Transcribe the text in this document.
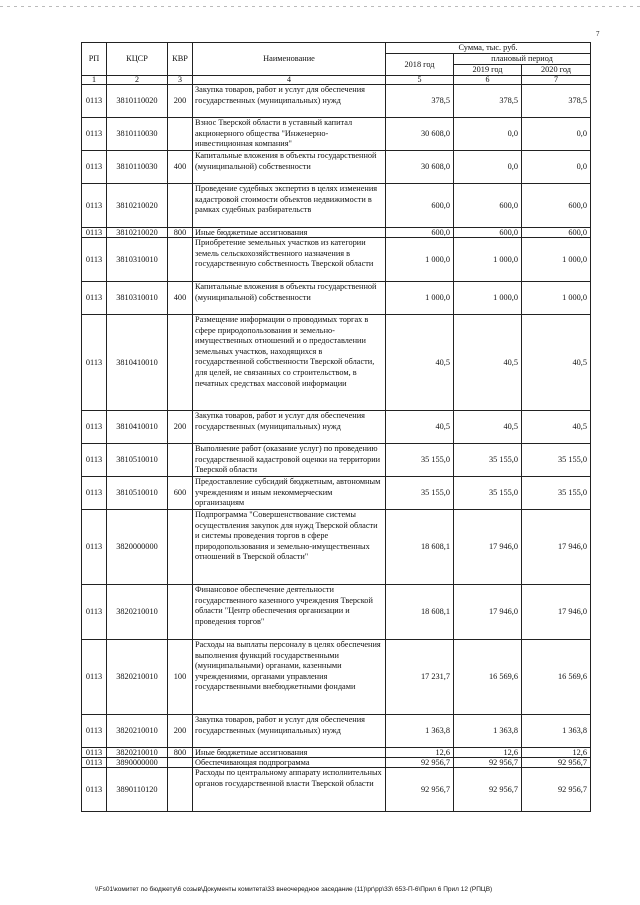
7
РП	КЦСР	КВР	Наименование	Сумма, тыс. руб.		
				2018 год	плановый период	
					2019 год	2020 год
1	2	3	4	5	6	7
0113	3810110020	200	Закупка товаров, работ и услуг для обеспечения государственных (муниципальных) нужд	378,5	378,5	378,5
0113	3810110030		Взнос Тверской области в уставный капитал акционерного общества "Инженерно-инвестиционная компания"	30 608,0	0,0	0,0
0113	3810110030	400	Капитальные вложения в объекты государственной (муниципальной) собственности	30 608,0	0,0	0,0
0113	3810210020		Проведение судебных экспертиз в целях изменения кадастровой стоимости объектов недвижимости в рамках судебных разбирательств	600,0	600,0	600,0
0113	3810210020	800	Иные бюджетные ассигнования	600,0	600,0	600,0
0113	3810310010		Приобретение земельных участков из категории земель сельскохозяйственного назначения в государственную собственность Тверской области	1 000,0	1 000,0	1 000,0
0113	3810310010	400	Капитальные вложения в объекты государственной (муниципальной) собственности	1 000,0	1 000,0	1 000,0
0113	3810410010		Размещение информации о проводимых торгах в сфере природопользования и земельно-имущественных отношений и о предоставлении земельных участков, находящихся в государственной собственности Тверской области, для целей, не связанных со строительством, в печатных средствах массовой информации	40,5	40,5	40,5
0113	3810410010	200	Закупка товаров, работ и услуг для обеспечения государственных (муниципальных) нужд	40,5	40,5	40,5
0113	3810510010		Выполнение работ (оказание услуг) по проведению государственной кадастровой оценки на территории Тверской области	35 155,0	35 155,0	35 155,0
0113	3810510010	600	Предоставление субсидий бюджетным, автономным учреждениям и иным некоммерческим организациям	35 155,0	35 155,0	35 155,0
0113	3820000000		Подпрограмма "Совершенствование системы осуществления закупок для нужд Тверской области и системы проведения торгов в сфере природопользования и земельно-имущественных отношений в Тверской области"	18 608,1	17 946,0	17 946,0
0113	3820210010		Финансовое обеспечение деятельности государственного казенного учреждения Тверской области "Центр обеспечения организации и проведения торгов"	18 608,1	17 946,0	17 946,0
0113	3820210010	100	Расходы на выплаты персоналу в целях обеспечения выполнения функций государственными (муниципальными) органами, казенными учреждениями, органами управления государственными внебюджетными фондами	17 231,7	16 569,6	16 569,6
0113	3820210010	200	Закупка товаров, работ и услуг для обеспечения государственных (муниципальных) нужд	1 363,8	1 363,8	1 363,8
0113	3820210010	800	Иные бюджетные ассигнования	12,6	12,6	12,6
0113	3890000000		Обеспечивающая подпрограмма	92 956,7	92 956,7	92 956,7
0113	3890110120		Расходы по центральному аппарату исполнительных органов государственной власти Тверской области	92 956,7	92 956,7	92 956,7
\\Fs01\комитет по бюджету\6 созыв\Документы комитета\33 внеочередное заседание (11)\рг\рр\33\ 653-П-6\Прил 6 Прил 12 (РПЦВ)
